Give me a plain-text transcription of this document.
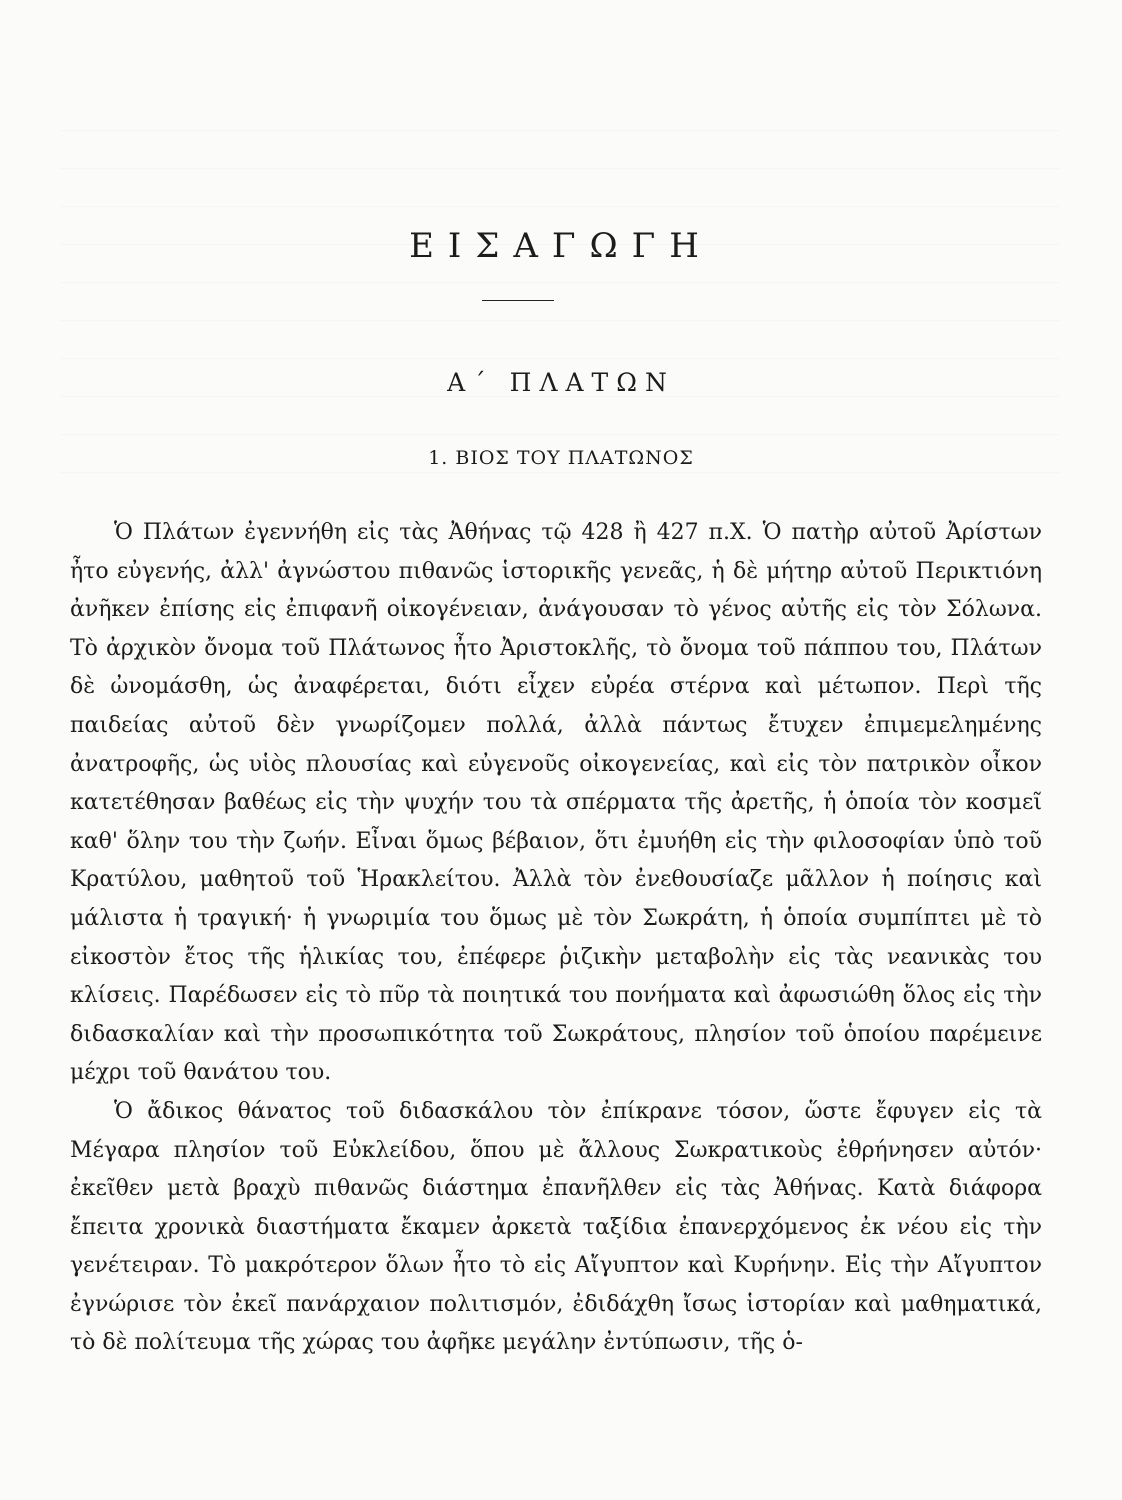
ΕΙΣΑΓΩΓΗ
Α΄ ΠΛΑΤΩΝ
1. ΒΙΟΣ ΤΟΥ ΠΛΑΤΩΝΟΣ

Ὁ Πλάτων ἐγεννήθη εἰς τὰς Ἀθήνας τῷ 428 ἢ 427 π.Χ. Ὁ πατὴρ αὐτοῦ Ἀρίστων ἦτο εὐγενής, ἀλλ' ἀγνώστου πιθανῶς ἱστορικῆς γενεᾶς, ἡ δὲ μήτηρ αὐτοῦ Περικτιόνη ἀνῆκεν ἐπίσης εἰς ἐπιφανῆ οἰκογένειαν, ἀνάγουσαν τὸ γένος αὐτῆς εἰς τὸν Σόλωνα. Τὸ ἀρχικὸν ὄνομα τοῦ Πλάτωνος ἦτο Ἀριστοκλῆς, τὸ ὄνομα τοῦ πάππου του, Πλάτων δὲ ὠνομάσθη, ὡς ἀναφέρεται, διότι εἶχεν εὐρέα στέρνα καὶ μέτωπον. Περὶ τῆς παιδείας αὐτοῦ δὲν γνωρίζομεν πολλά, ἀλλὰ πάντως ἔτυχεν ἐπιμεμελημένης ἀνατροφῆς, ὡς υἱὸς πλουσίας καὶ εὐγενοῦς οἰκογενείας, καὶ εἰς τὸν πατρικὸν οἶκον κατετέθησαν βαθέως εἰς τὴν ψυχήν του τὰ σπέρματα τῆς ἀρετῆς, ἡ ὁποία τὸν κοσμεῖ καθ' ὅλην του τὴν ζωήν. Εἶναι ὅμως βέβαιον, ὅτι ἐμυήθη εἰς τὴν φιλοσοφίαν ὑπὸ τοῦ Κρατύλου, μαθητοῦ τοῦ Ἡρακλείτου. Ἀλλὰ τὸν ἐνεθουσίαζε μᾶλλον ἡ ποίησις καὶ μάλιστα ἡ τραγική· ἡ γνωριμία του ὅμως μὲ τὸν Σωκράτη, ἡ ὁποία συμπίπτει μὲ τὸ εἰκοστὸν ἔτος τῆς ἡλικίας του, ἐπέφερε ῥιζικὴν μεταβολὴν εἰς τὰς νεανικὰς του κλίσεις. Παρέδωσεν εἰς τὸ πῦρ τὰ ποιητικά του πονήματα καὶ ἀφωσιώθη ὅλος εἰς τὴν διδασκαλίαν καὶ τὴν προσωπικότητα τοῦ Σωκράτους, πλησίον τοῦ ὁποίου παρέμεινε μέχρι τοῦ θανάτου του.

Ὁ ἄδικος θάνατος τοῦ διδασκάλου τὸν ἐπίκρανε τόσον, ὥστε ἔφυγεν εἰς τὰ Μέγαρα πλησίον τοῦ Εὐκλείδου, ὅπου μὲ ἄλλους Σωκρατικοὺς ἐθρήνησεν αὐτόν· ἐκεῖθεν μετὰ βραχὺ πιθανῶς διάστημα ἐπανῆλθεν εἰς τὰς Ἀθήνας. Κατὰ διάφορα ἔπειτα χρονικὰ διαστήματα ἔκαμεν ἀρκετὰ ταξίδια ἐπανερχόμενος ἐκ νέου εἰς τὴν γενέτειραν. Τὸ μακρότερον ὅλων ἦτο τὸ εἰς Αἴγυπτον καὶ Κυρήνην. Εἰς τὴν Αἴγυπτον ἐγνώρισε τὸν ἐκεῖ πανάρχαιον πολιτισμόν, ἐδιδάχθη ἴσως ἱστορίαν καὶ μαθηματικά, τὸ δὲ πολίτευμα τῆς χώρας του ἀφῆκε μεγάλην ἐντύπωσιν, τῆς ὁ-
